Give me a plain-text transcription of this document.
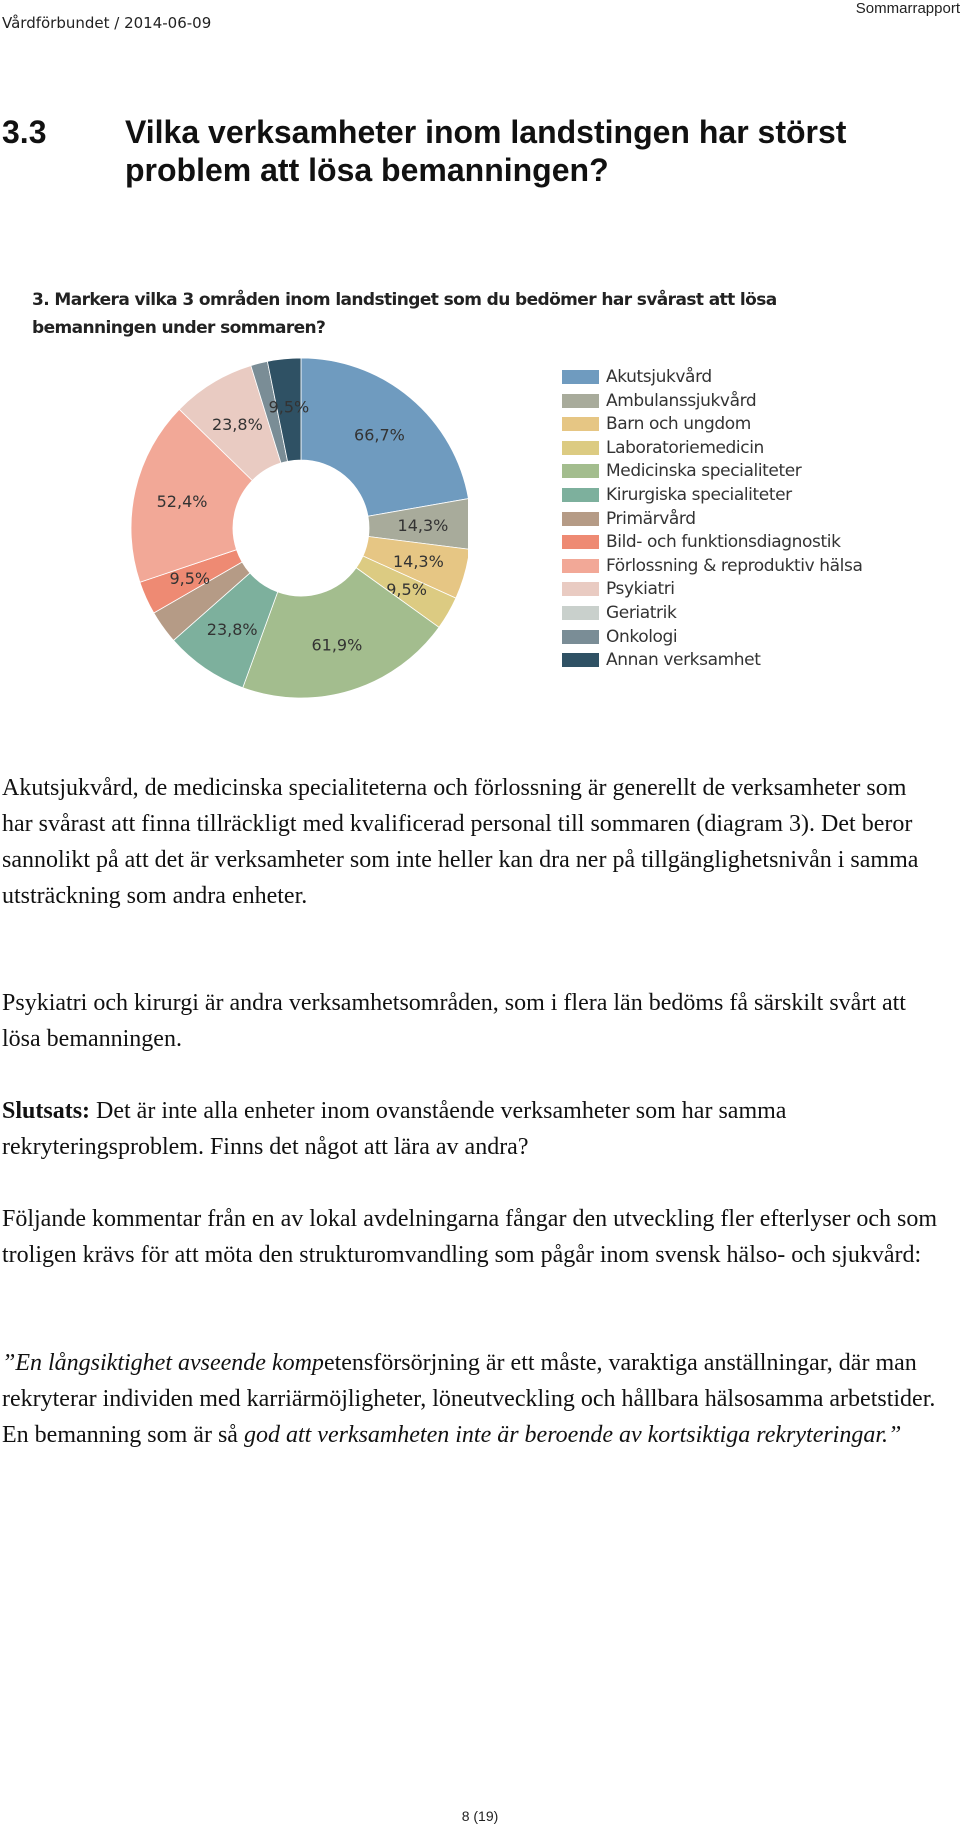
Vårdförbundet / 2014-06-09
Sommarrapport
3.3 Vilka verksamheter inom landstingen har störst problem att lösa bemanningen?
3. Markera vilka 3 områden inom landstinget som du bedömer har svårast att lösa bemanningen under sommaren?
66,7%
14,3%
14,3%
9,5%
61,9%
23,8%
9,5%
52,4%
23,8%
9,5%
Akutsjukvård
Ambulanssjukvård
Barn och ungdom
Laboratoriemedicin
Medicinska specialiteter
Kirurgiska specialiteter
Primärvård
Bild- och funktionsdiagnostik
Förlossning & reproduktiv hälsa
Psykiatri
Geriatrik
Onkologi
Annan verksamhet
Akutsjukvård, de medicinska specialiteterna och förlossning är generellt de verksamheter som har svårast att finna tillräckligt med kvalificerad personal till sommaren (diagram 3). Det beror sannolikt på att det är verksamheter som inte heller kan dra ner på tillgänglighetsnivån i samma utsträckning som andra enheter.
Psykiatri och kirurgi är andra verksamhetsområden, som i flera län bedöms få särskilt svårt att lösa bemanningen.
Slutsats: Det är inte alla enheter inom ovanstående verksamheter som har samma rekryteringsproblem. Finns det något att lära av andra?
Följande kommentar från en av lokal avdelningarna fångar den utveckling fler efterlyser och som troligen krävs för att möta den strukturomvandling som pågår inom svensk hälso- och sjukvård:
”En långsiktighet avseende kompetensförsörjning är ett måste, varaktiga anställningar, där man rekryterar individen med karriärmöjligheter, löneutveckling och hållbara hälsosamma arbetstider. En bemanning som är så god att verksamheten inte är beroende av kortsiktiga rekryteringar.”
8 (19)
